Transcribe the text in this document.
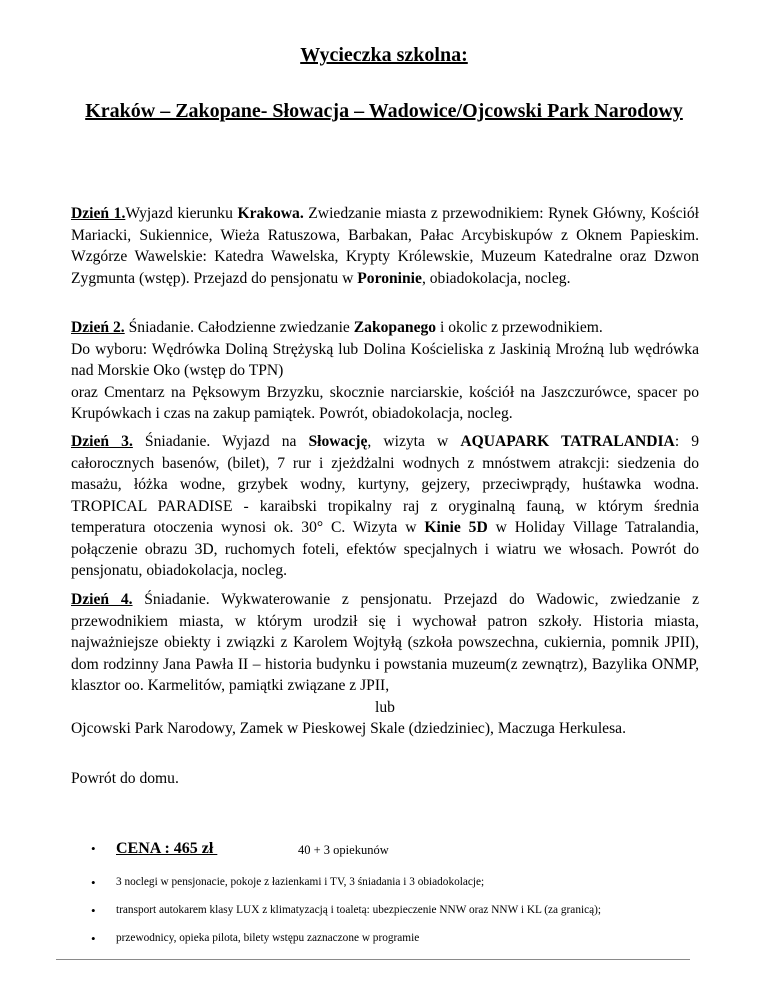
Wycieczka szkolna:
Kraków – Zakopane- Słowacja – Wadowice/Ojcowski Park Narodowy
Dzień 1.Wyjazd kierunku Krakowa. Zwiedzanie miasta z przewodnikiem: Rynek Główny, Kościół Mariacki, Sukiennice, Wieża Ratuszowa, Barbakan, Pałac Arcybiskupów z Oknem Papieskim. Wzgórze Wawelskie: Katedra Wawelska, Krypty Królewskie, Muzeum Katedralne oraz Dzwon Zygmunta (wstęp). Przejazd do pensjonatu w Poroninie, obiadokolacja, nocleg.
Dzień 2. Śniadanie. Całodzienne zwiedzanie Zakopanego i okolic z przewodnikiem.
Do wyboru: Wędrówka Doliną Strężyską lub Dolina Kościeliska z Jaskinią Mroźną lub wędrówka nad Morskie Oko (wstęp do TPN)
oraz Cmentarz na Pęksowym Brzyzku, skocznie narciarskie, kościół na Jaszczurówce, spacer po Krupówkach i czas na zakup pamiątek. Powrót, obiadokolacja, nocleg.
Dzień 3. Śniadanie. Wyjazd na Słowację, wizyta w AQUAPARK TATRALANDIA: 9 całorocznych basenów, (bilet), 7 rur i zjeżdżalni wodnych z mnóstwem atrakcji: siedzenia do masażu, łóżka wodne, grzybek wodny, kurtyny, gejzery, przeciwprądy, huśtawka wodna. TROPICAL PARADISE - karaibski tropikalny raj z oryginalną fauną, w którym średnia temperatura otoczenia wynosi ok. 30° C. Wizyta w Kinie 5D w Holiday Village Tatralandia, połączenie obrazu 3D, ruchomych foteli, efektów specjalnych i wiatru we włosach. Powrót do pensjonatu, obiadokolacja, nocleg.
Dzień 4. Śniadanie. Wykwaterowanie z pensjonatu. Przejazd do Wadowic, zwiedzanie z przewodnikiem miasta, w którym urodził się i wychował patron szkoły. Historia miasta, najważniejsze obiekty i związki z Karolem Wojtyłą (szkoła powszechna, cukiernia, pomnik JPII), dom rodzinny Jana Pawła II – historia budynku i powstania muzeum(z zewnątrz), Bazylika ONMP, klasztor oo. Karmelitów, pamiątki związane z JPII,
lub
Ojcowski Park Narodowy, Zamek w Pieskowej Skale (dziedziniec), Maczuga Herkulesa.
Powrót do domu.
•	CENA : 465 zł	40 + 3 opiekunów
•	3 noclegi w pensjonacie, pokoje z łazienkami i TV, 3 śniadania i 3 obiadokolacje;
•	transport autokarem klasy LUX z klimatyzacją i toaletą: ubezpieczenie NNW oraz NNW i KL (za granicą);
•	przewodnicy, opieka pilota, bilety wstępu zaznaczone w programie
